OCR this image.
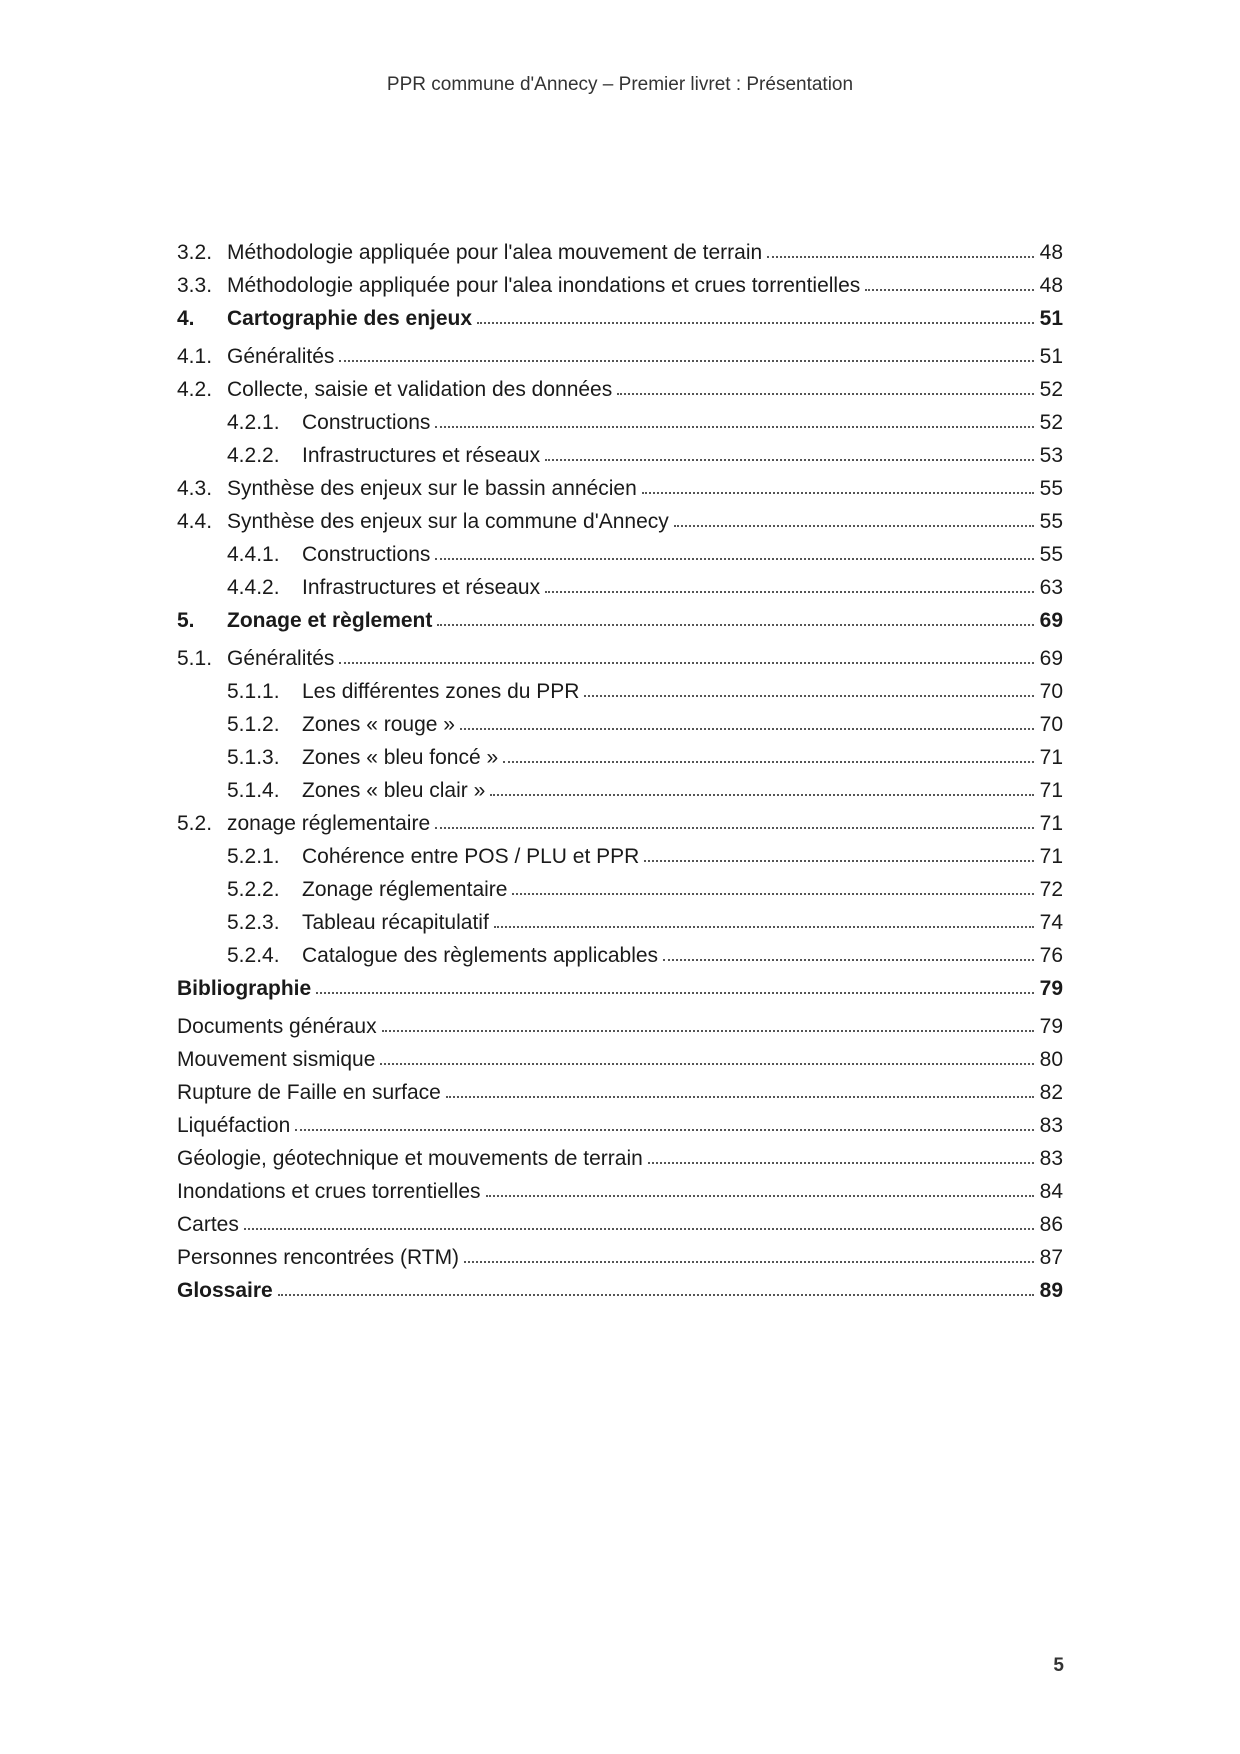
PPR commune d'Annecy – Premier livret : Présentation
3.2. Méthodologie appliquée pour l'alea mouvement de terrain	48
3.3. Méthodologie appliquée pour l'alea inondations et crues torrentielles	48
4.	Cartographie des enjeux	51
4.1. Généralités	51
4.2. Collecte, saisie et validation des données	52
4.2.1.	Constructions	52
4.2.2.	Infrastructures et réseaux	53
4.3. Synthèse des enjeux sur le bassin annécien	55
4.4. Synthèse des enjeux sur la commune d'Annecy	55
4.4.1.	Constructions	55
4.4.2.	Infrastructures et réseaux	63
5.	Zonage et règlement	69
5.1. Généralités	69
5.1.1.	Les différentes zones du PPR	70
5.1.2.	Zones « rouge »	70
5.1.3.	Zones « bleu foncé »	71
5.1.4.	Zones « bleu clair »	71
5.2. zonage réglementaire	71
5.2.1.	Cohérence entre POS / PLU et PPR	71
5.2.2.	Zonage réglementaire	72
5.2.3.	Tableau récapitulatif	74
5.2.4.	Catalogue des règlements applicables	76
Bibliographie	79
Documents généraux	79
Mouvement sismique	80
Rupture de Faille en surface	82
Liquéfaction	83
Géologie, géotechnique et mouvements de terrain	83
Inondations et crues torrentielles	84
Cartes	86
Personnes rencontrées (RTM)	87
Glossaire	89
5
